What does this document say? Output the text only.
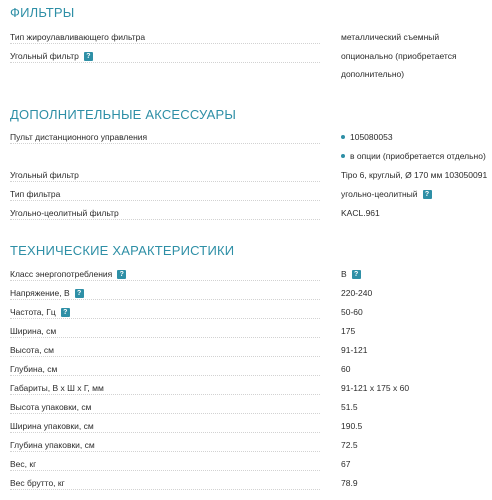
ФИЛЬТРЫ
Тип жироулавливающего фильтра	металлический съемный
Угольный фильтр ?	опционально (приобретается
дополнительно)
ДОПОЛНИТЕЛЬНЫЕ АКСЕССУАРЫ
Пульт дистанционного управления	105080053
в опции (приобретается отдельно)
Угольный фильтр	Tipo 6, круглый, Ø 170 мм 103050091
Тип фильтра	угольно-цеолитный ?
Угольно-цеолитный фильтр	KACL.961
ТЕХНИЧЕСКИЕ ХАРАКТЕРИСТИКИ
Класс энергопотребления ?	B ?
Напряжение, В ?	220-240
Частота, Гц ?	50-60
Ширина, см	175
Высота, см	91-121
Глубина, см	60
Габариты, В х Ш х Г, мм	91-121 x 175 x 60
Высота упаковки, см	51.5
Ширина упаковки, см	190.5
Глубина упаковки, см	72.5
Вес, кг	67
Вес брутто, кг	78.9
